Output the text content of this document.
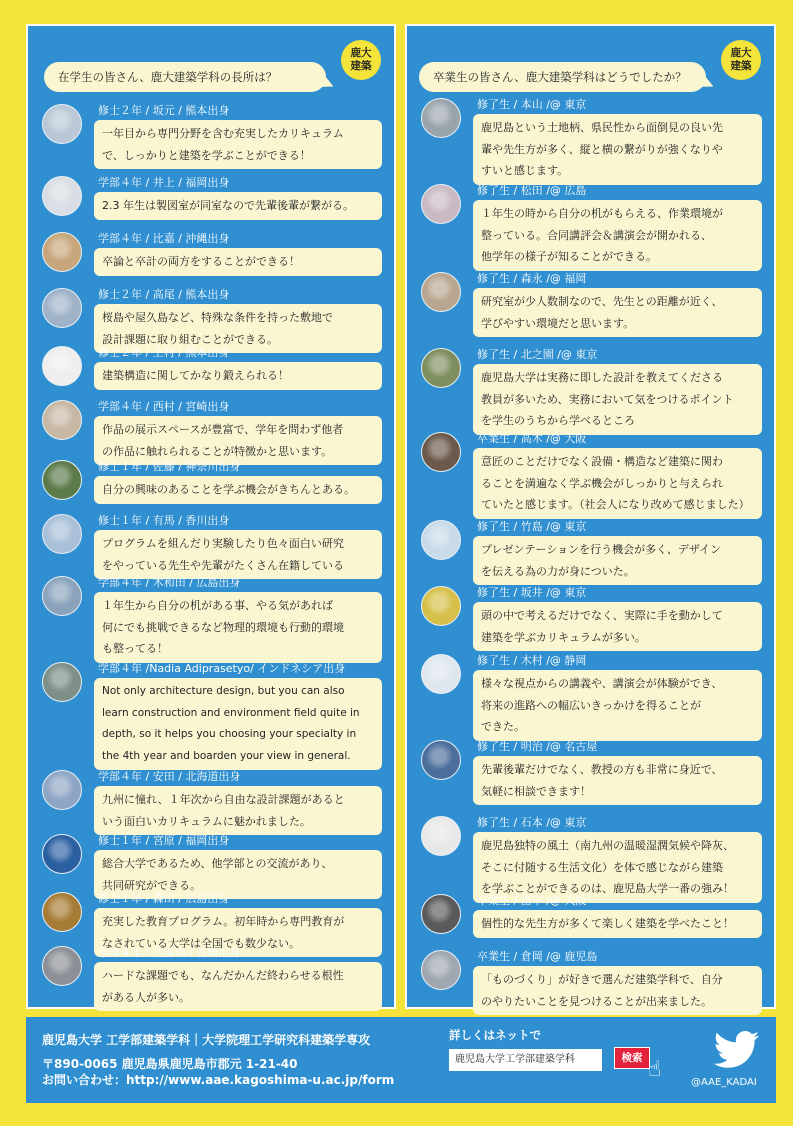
在学生の皆さん、鹿大建築学科の長所は？
鹿大
建築
修士２年 / 坂元 / 熊本出身

一年目から専門分野を含む充実したカリキュラム

で、しっかりと建築を学ぶことができる！

学部４年 / 井上 / 福岡出身

2.3 年生は製図室が同室なので先輩後輩が繋がる。

学部４年 / 比嘉 / 沖縄出身

卒論と卒計の両方をすることができる！

修士２年 / 高尾 / 熊本出身

桜島や屋久島など、特殊な条件を持った敷地で

設計課題に取り組むことができる。

修士２年 / 上村 / 熊本出身

建築構造に関してかなり鍛えられる！

学部４年 / 西村 / 宮崎出身

作品の展示スペースが豊富で、学年を問わず他者

の作品に触れられることが特徴かと思います。

修士１年 / 佐藤 / 神奈川出身

自分の興味のあることを学ぶ機会がきちんとある。

修士１年 / 有馬 / 香川出身

プログラムを組んだり実験したり色々面白い研究

をやっている先生や先輩がたくさん在籍している

学部４年 / 木和田 / 広島出身

１年生から自分の机がある事、やる気があれば

何にでも挑戦できるなど物理的環境も行動的環境

も整ってる！

学部４年 /Nadia Adiprasetyo/ インドネシア出身

Not only architecture design, but you can also

learn construction and environment field quite in

depth, so it helps you choosing your specialty in

the 4th year and boarden your view in general.

学部４年 / 安田 / 北海道出身

九州に憧れ、１年次から自由な設計課題があると

いう面白いカリキュラムに魅かれました。

修士１年 / 宮原 / 福岡出身

総合大学であるため、他学部との交流があり、

共同研究ができる。

修士１年 / 森山 / 広島出身

充実した教育プログラム。初年時から専門教育が

なされている大学は全国でも数少ない。

学部４年 / 久保田 / 長崎出身

ハードな課題でも、なんだかんだ終わらせる根性

がある人が多い。

卒業生の皆さん、鹿大建築学科はどうでしたか？
鹿大
建築
修了生 / 本山 /@ 東京

鹿児島という土地柄、県民性から面倒見の良い先

輩や先生方が多く、縦と横の繋がりが強くなりや

すいと感じます。

修了生 / 松田 /@ 広島

１年生の時から自分の机がもらえる、作業環境が

整っている。合同講評会＆講演会が開かれる、

他学年の様子が知ることができる。

修了生 / 森永 /@ 福岡

研究室が少人数制なので、先生との距離が近く、

学びやすい環境だと思います。

修了生 / 北之園 /@ 東京

鹿児島大学は実務に即した設計を教えてくださる

教員が多いため、実務において気をつけるポイント

を学生のうちから学べるところ

卒業生 / 高木 /@ 大阪

意匠のことだけでなく設備・構造など建築に関わ

ることを満遍なく学ぶ機会がしっかりと与えられ

ていたと感じます。（社会人になり改めて感じました）

修了生 / 竹島 /@ 東京

プレゼンテーションを行う機会が多く、デザイン

を伝える為の力が身についた。

修了生 / 坂井 /@ 東京

頭の中で考えるだけでなく、実際に手を動かして

建築を学ぶカリキュラムが多い。

修了生 / 木村 /@ 静岡

様々な視点からの講義や、講演会が体験ができ、

将来の進路への幅広いきっかけを得ることが

できた。

修了生 / 明治 /@ 名古屋

先輩後輩だけでなく、教授の方も非常に身近で、

気軽に相談できます！

修了生 / 石本 /@ 東京

鹿児島独特の風土（南九州の温暖湿潤気候や降灰、

そこに付随する生活文化）を体で感じながら建築

を学ぶことができるのは、鹿児島大学一番の強み！

卒業生 / 畠中 /@ 大阪

個性的な先生方が多くて楽しく建築を学べたこと！

卒業生 / 倉岡 /@ 鹿児島

「ものづくり」が好きで選んだ建築学科で、自分

のやりたいことを見つけることが出来ました。

鹿児島大学 工学部建築学科｜大学院理工学研究科建築学専攻
〒890-0065 鹿児島県鹿児島市郡元 1-21-40
お問い合わせ：http://www.aae.kagoshima-u.ac.jp/form
詳しくはネットで
鹿児島大学工学部建築学科	検索 ☝
@AAE_KADAI
